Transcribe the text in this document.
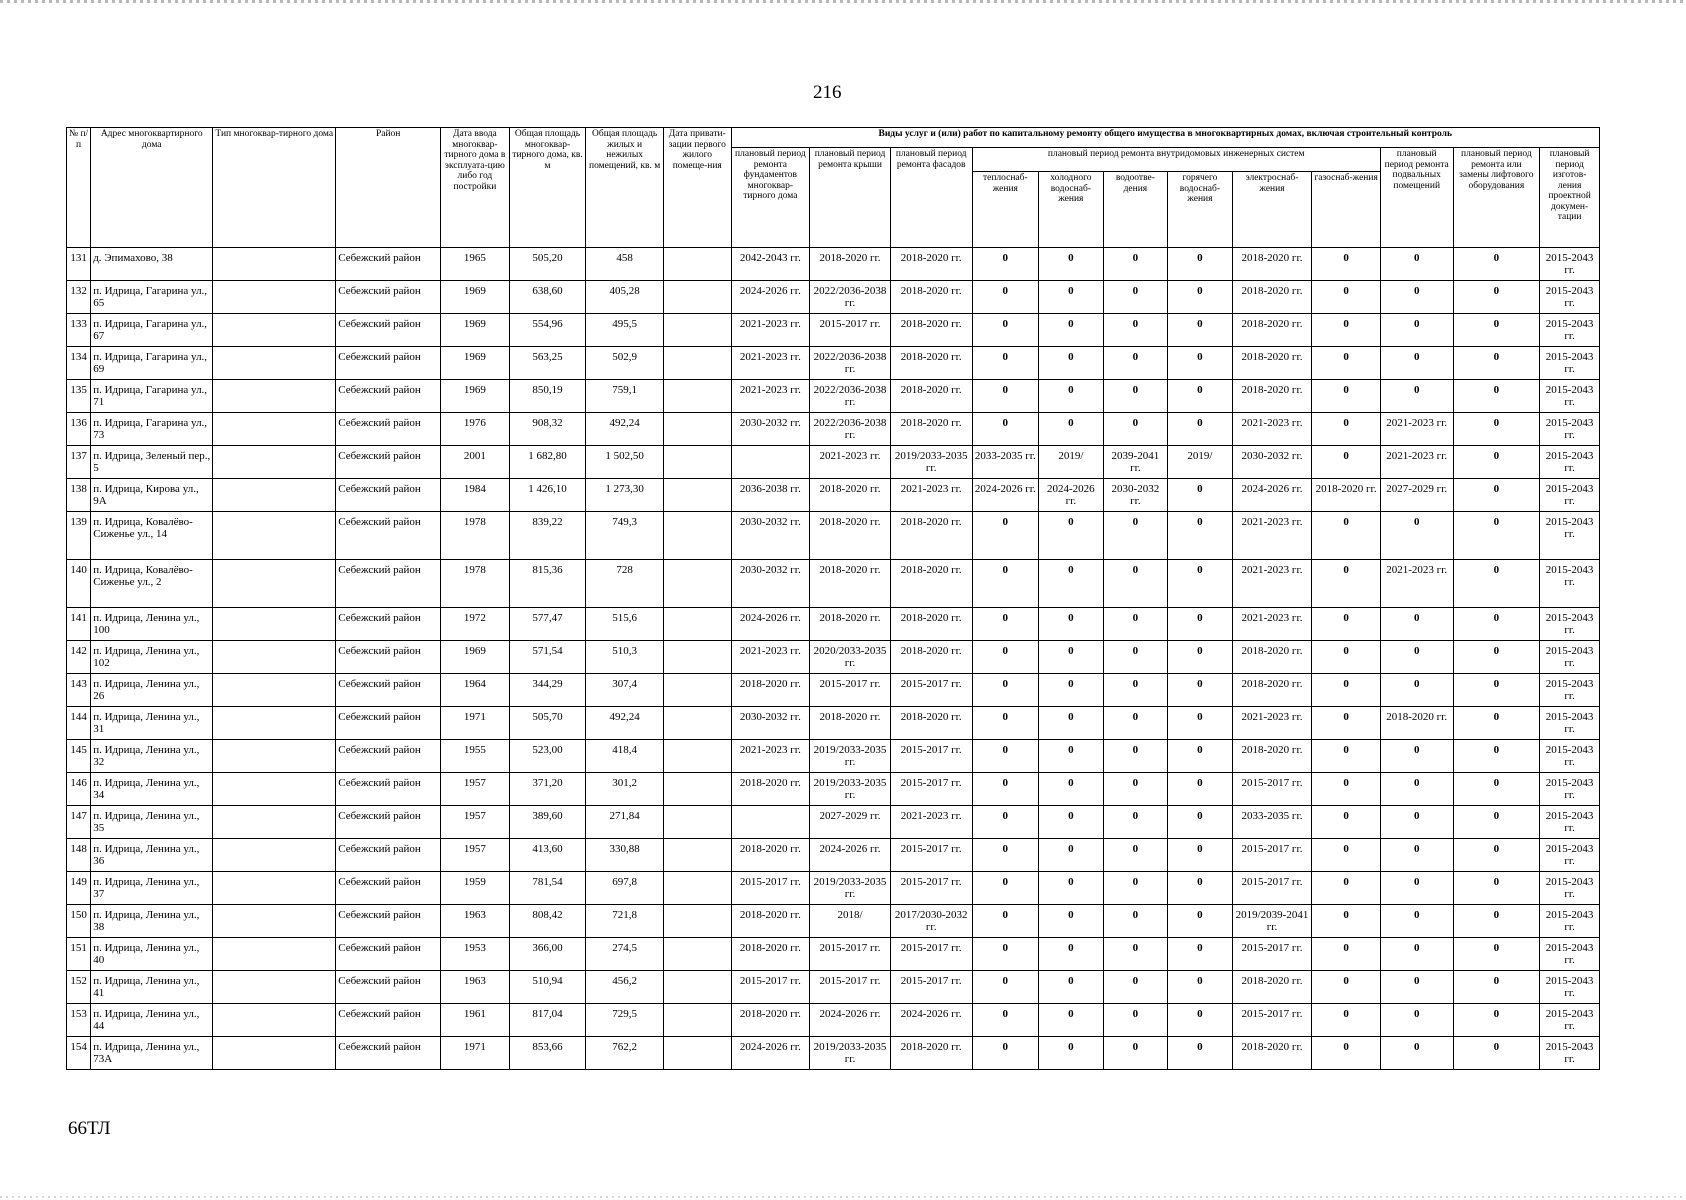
216
№ п/п	Адрес многоквартирного дома	Тип многоквар-тирного дома	Район	Дата ввода многоквар-тирного дома в эксплуата-цию либо год постройки	Общая площадь многоквар-тирного дома, кв. м	Общая площадь жилых и нежилых помещений, кв. м	Дата привати-зации первого жилого помеще-ния	Виды услуг и (или) работ по капитальному ремонту общего имущества в многоквартирных домах, включая строительный контроль											
								плановый период ремонта фундаментов многоквар-тирного дома	плановый период ремонта крыши	плановый период ремонта фасадов	плановый период ремонта внутридомовых инженерных систем						плановый период ремонта подвальных помещений	плановый период ремонта или замены лифтового оборудования	плановый период изготов-ления проектной докумен-тации
											теплоснаб-жения	холодного водоснаб-жения	водоотве-дения	горячего водоснаб-жения	электроснаб-жения	газоснаб-жения			
131	д. Эпимахово, 38		Себежский район	1965	505,20	458		2042-2043 гг.	2018-2020 гг.	2018-2020 гг.	0	0	0	0	2018-2020 гг.	0	0	0	2015-2043 гг.
132	п. Идрица, Гагарина ул., 65		Себежский район	1969	638,60	405,28		2024-2026 гг.	2022/2036-2038 гг.	2018-2020 гг.	0	0	0	0	2018-2020 гг.	0	0	0	2015-2043 гг.
133	п. Идрица, Гагарина ул., 67		Себежский район	1969	554,96	495,5		2021-2023 гг.	2015-2017 гг.	2018-2020 гг.	0	0	0	0	2018-2020 гг.	0	0	0	2015-2043 гг.
134	п. Идрица, Гагарина ул., 69		Себежский район	1969	563,25	502,9		2021-2023 гг.	2022/2036-2038 гг.	2018-2020 гг.	0	0	0	0	2018-2020 гг.	0	0	0	2015-2043 гг.
135	п. Идрица, Гагарина ул., 71		Себежский район	1969	850,19	759,1		2021-2023 гг.	2022/2036-2038 гг.	2018-2020 гг.	0	0	0	0	2018-2020 гг.	0	0	0	2015-2043 гг.
136	п. Идрица, Гагарина ул., 73		Себежский район	1976	908,32	492,24		2030-2032 гг.	2022/2036-2038 гг.	2018-2020 гг.	0	0	0	0	2021-2023 гг.	0	2021-2023 гг.	0	2015-2043 гг.
137	п. Идрица, Зеленый пер., 5		Себежский район	2001	1 682,80	1 502,50			2021-2023 гг.	2019/2033-2035 гг.	2033-2035 гг.	2019/	2039-2041 гг.	2019/	2030-2032 гг.	0	2021-2023 гг.	0	2015-2043 гг.
138	п. Идрица, Кирова ул., 9А		Себежский район	1984	1 426,10	1 273,30		2036-2038 гг.	2018-2020 гг.	2021-2023 гг.	2024-2026 гг.	2024-2026 гг.	2030-2032 гг.	0	2024-2026 гг.	2018-2020 гг.	2027-2029 гг.	0	2015-2043 гг.
139	п. Идрица, Ковалёво-Сиженье ул., 14		Себежский район	1978	839,22	749,3		2030-2032 гг.	2018-2020 гг.	2018-2020 гг.	0	0	0	0	2021-2023 гг.	0	0	0	2015-2043 гг.
140	п. Идрица, Ковалёво-Сиженье ул., 2		Себежский район	1978	815,36	728		2030-2032 гг.	2018-2020 гг.	2018-2020 гг.	0	0	0	0	2021-2023 гг.	0	2021-2023 гг.	0	2015-2043 гг.
141	п. Идрица, Ленина ул., 100		Себежский район	1972	577,47	515,6		2024-2026 гг.	2018-2020 гг.	2018-2020 гг.	0	0	0	0	2021-2023 гг.	0	0	0	2015-2043 гг.
142	п. Идрица, Ленина ул., 102		Себежский район	1969	571,54	510,3		2021-2023 гг.	2020/2033-2035 гг.	2018-2020 гг.	0	0	0	0	2018-2020 гг.	0	0	0	2015-2043 гг.
143	п. Идрица, Ленина ул., 26		Себежский район	1964	344,29	307,4		2018-2020 гг.	2015-2017 гг.	2015-2017 гг.	0	0	0	0	2018-2020 гг.	0	0	0	2015-2043 гг.
144	п. Идрица, Ленина ул., 31		Себежский район	1971	505,70	492,24		2030-2032 гг.	2018-2020 гг.	2018-2020 гг.	0	0	0	0	2021-2023 гг.	0	2018-2020 гг.	0	2015-2043 гг.
145	п. Идрица, Ленина ул., 32		Себежский район	1955	523,00	418,4		2021-2023 гг.	2019/2033-2035 гг.	2015-2017 гг.	0	0	0	0	2018-2020 гг.	0	0	0	2015-2043 гг.
146	п. Идрица, Ленина ул., 34		Себежский район	1957	371,20	301,2		2018-2020 гг.	2019/2033-2035 гг.	2015-2017 гг.	0	0	0	0	2015-2017 гг.	0	0	0	2015-2043 гг.
147	п. Идрица, Ленина ул., 35		Себежский район	1957	389,60	271,84			2027-2029 гг.	2021-2023 гг.	0	0	0	0	2033-2035 гг.	0	0	0	2015-2043 гг.
148	п. Идрица, Ленина ул., 36		Себежский район	1957	413,60	330,88		2018-2020 гг.	2024-2026 гг.	2015-2017 гг.	0	0	0	0	2015-2017 гг.	0	0	0	2015-2043 гг.
149	п. Идрица, Ленина ул., 37		Себежский район	1959	781,54	697,8		2015-2017 гг.	2019/2033-2035 гг.	2015-2017 гг.	0	0	0	0	2015-2017 гг.	0	0	0	2015-2043 гг.
150	п. Идрица, Ленина ул., 38		Себежский район	1963	808,42	721,8		2018-2020 гг.	2018/	2017/2030-2032 гг.	0	0	0	0	2019/2039-2041 гг.	0	0	0	2015-2043 гг.
151	п. Идрица, Ленина ул., 40		Себежский район	1953	366,00	274,5		2018-2020 гг.	2015-2017 гг.	2015-2017 гг.	0	0	0	0	2015-2017 гг.	0	0	0	2015-2043 гг.
152	п. Идрица, Ленина ул., 41		Себежский район	1963	510,94	456,2		2015-2017 гг.	2015-2017 гг.	2015-2017 гг.	0	0	0	0	2018-2020 гг.	0	0	0	2015-2043 гг.
153	п. Идрица, Ленина ул., 44		Себежский район	1961	817,04	729,5		2018-2020 гг.	2024-2026 гг.	2024-2026 гг.	0	0	0	0	2015-2017 гг.	0	0	0	2015-2043 гг.
154	п. Идрица, Ленина ул., 73А		Себежский район	1971	853,66	762,2		2024-2026 гг.	2019/2033-2035 гг.	2018-2020 гг.	0	0	0	0	2018-2020 гг.	0	0	0	2015-2043 гг.
66ТЛ
